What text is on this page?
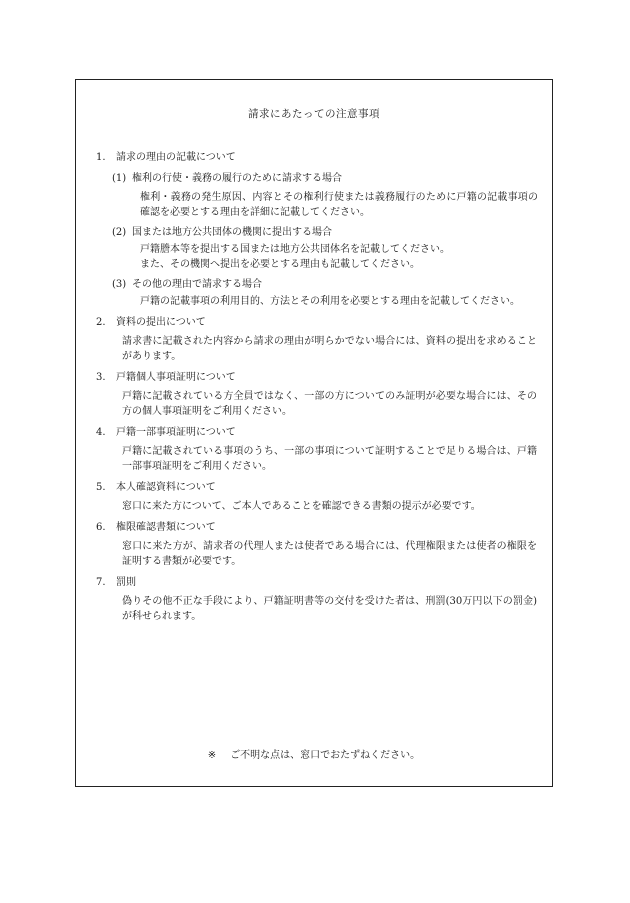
請求にあたっての注意事項
1.	請求の理由の記載について
(1) 権利の行使・義務の履行のために請求する場合
権利・義務の発生原因、内容とその権利行使または義務履行のために戸籍の記載事項の確認を必要とする理由を詳細に記載してください。
(2) 国または地方公共団体の機関に提出する場合
戸籍謄本等を提出する国または地方公共団体名を記載してください。
また、その機関へ提出を必要とする理由も記載してください。
(3) その他の理由で請求する場合
戸籍の記載事項の利用目的、方法とその利用を必要とする理由を記載してください。
2.	資料の提出について
請求書に記載された内容から請求の理由が明らかでない場合には、資料の提出を求めることがあります。
3.	戸籍個人事項証明について
戸籍に記載されている方全員ではなく、一部の方についてのみ証明が必要な場合には、その方の個人事項証明をご利用ください。
4.	戸籍一部事項証明について
戸籍に記載されている事項のうち、一部の事項について証明することで足りる場合は、戸籍一部事項証明をご利用ください。
5.	本人確認資料について
窓口に来た方について、ご本人であることを確認できる書類の提示が必要です。
6.	権限確認書類について
窓口に来た方が、請求者の代理人または使者である場合には、代理権限または使者の権限を証明する書類が必要です。
7.	罰則
偽りその他不正な手段により、戸籍証明書等の交付を受けた者は、刑罰(30万円以下の罰金)が科せられます。
※ ご不明な点は、窓口でおたずねください。
